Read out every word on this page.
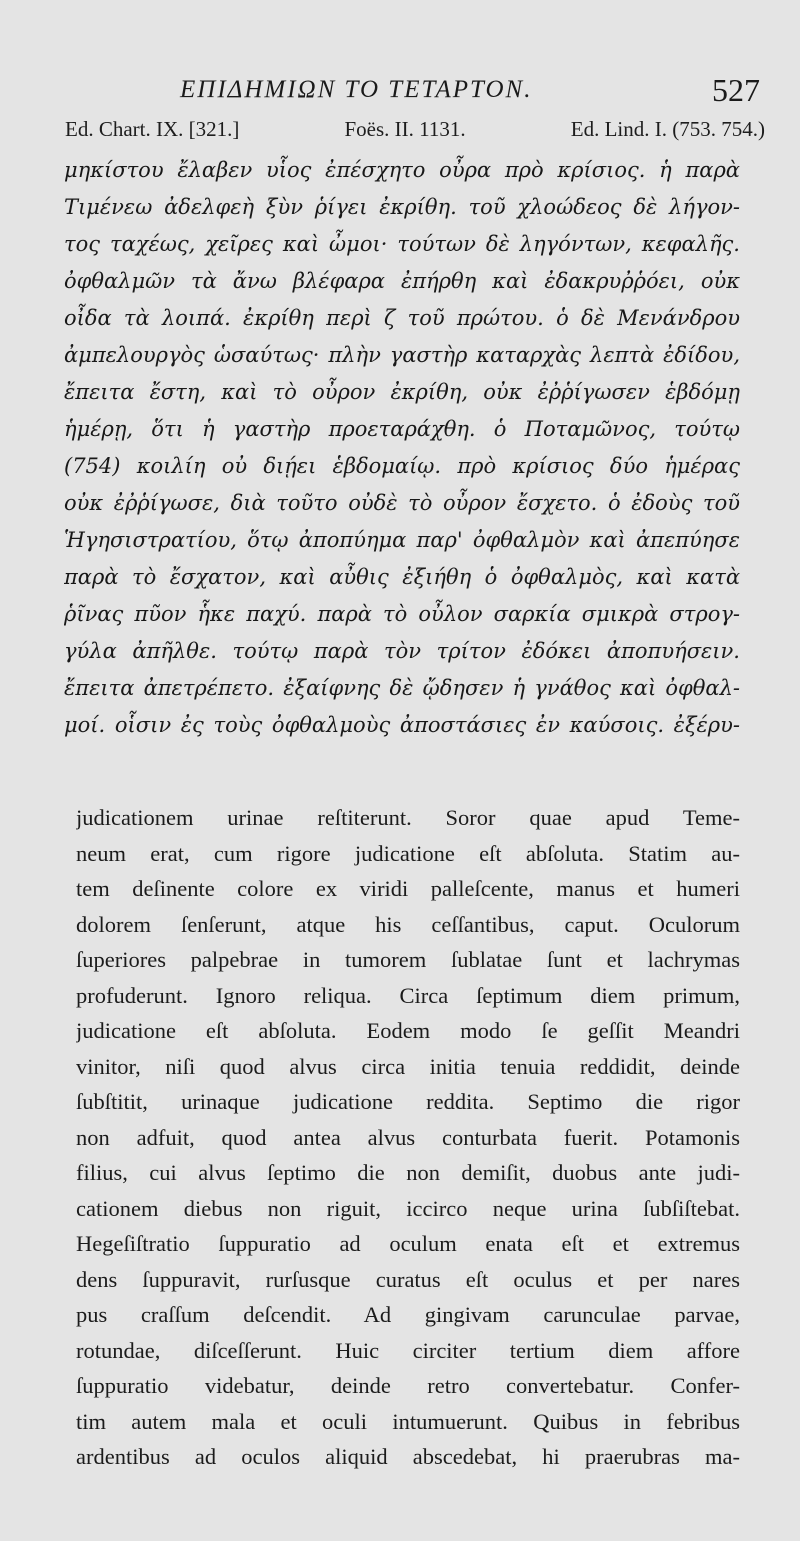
ΕΠΙΔΗΜΙΩΝ ΤΟ ΤΕΤΑΡΤΟΝ.	527
Ed. Chart. IX. [321.]	Foës. II. 1131.	Ed. Lind. I. (753. 754.)
μηκίστου ἔλαβεν υἷος ἐπέσχητο οὖρα πρὸ κρίσιος. ἡ παρὰ
Τιμένεω ἀδελφεὴ ξὺν ῥίγει ἐκρίθη. τοῦ χλοώδεος δὲ λήγον-
τος ταχέως, χεῖρες καὶ ὦμοι· τούτων δὲ ληγόντων, κεφαλῆς.
ὀφθαλμῶν τὰ ἄνω βλέφαρα ἐπήρθη καὶ ἐδακρυῤῥόει, οὐκ
οἶδα τὰ λοιπά. ἐκρίθη περὶ ζ τοῦ πρώτου. ὁ δὲ Μενάνδρου
ἀμπελουργὸς ὡσαύτως· πλὴν γαστὴρ καταρχὰς λεπτὰ ἐδίδου,
ἔπειτα ἔστη, καὶ τὸ οὖρον ἐκρίθη, οὐκ ἐῤῥίγωσεν ἑβδόμῃ
ἡμέρῃ, ὅτι ἡ γαστὴρ προεταράχθη. ὁ Ποταμῶνος, τούτῳ
(754) κοιλίη οὐ διῄει ἑβδομαίῳ. πρὸ κρίσιος δύο ἡμέρας
οὐκ ἐῤῥίγωσε, διὰ τοῦτο οὐδὲ τὸ οὖρον ἔσχετο. ὁ ἐδοὺς τοῦ
Ἡγησιστρατίου, ὅτῳ ἀποπύημα παρ' ὀφθαλμὸν καὶ ἀπεπύησε
παρὰ τὸ ἔσχατον, καὶ αὖθις ἐξιήθη ὁ ὀφθαλμὸς, καὶ κατὰ
ῥῖνας πῦον ἧκε παχύ. παρὰ τὸ οὖλον σαρκία σμικρὰ στρογ-
γύλα ἀπῆλθε. τούτῳ παρὰ τὸν τρίτον ἐδόκει ἀποπυήσειν.
ἔπειτα ἀπετρέπετο. ἐξαίφνης δὲ ᾤδησεν ἡ γνάθος καὶ ὀφθαλ-
μοί. οἷσιν ἐς τοὺς ὀφθαλμοὺς ἀποστάσιες ἐν καύσοις. ἐξέρυ-
judicationem urinae reſtiterunt. Soror quae apud Teme-
neum erat, cum rigore judicatione eſt abſoluta. Statim au-
tem deſinente colore ex viridi palleſcente, manus et humeri
dolorem ſenſerunt, atque his ceſſantibus, caput. Oculorum
ſuperiores palpebrae in tumorem ſublatae ſunt et lachrymas
profuderunt. Ignoro reliqua. Circa ſeptimum diem primum,
judicatione eſt abſoluta. Eodem modo ſe geſſit Meandri
vinitor, niſi quod alvus circa initia tenuia reddidit, deinde
ſubſtitit, urinaque judicatione reddita. Septimo die rigor
non adfuit, quod antea alvus conturbata fuerit. Potamonis
filius, cui alvus ſeptimo die non demiſit, duobus ante judi-
cationem diebus non riguit, iccirco neque urina ſubſiſtebat.
Hegeſiſtratio ſuppuratio ad oculum enata eſt et extremus
dens ſuppuravit, rurſusque curatus eſt oculus et per nares
pus craſſum deſcendit. Ad gingivam carunculae parvae,
rotundae, diſceſſerunt. Huic circiter tertium diem affore
ſuppuratio videbatur, deinde retro convertebatur. Confer-
tim autem mala et oculi intumuerunt. Quibus in febribus
ardentibus ad oculos aliquid abscedebat, hi praerubras ma-
